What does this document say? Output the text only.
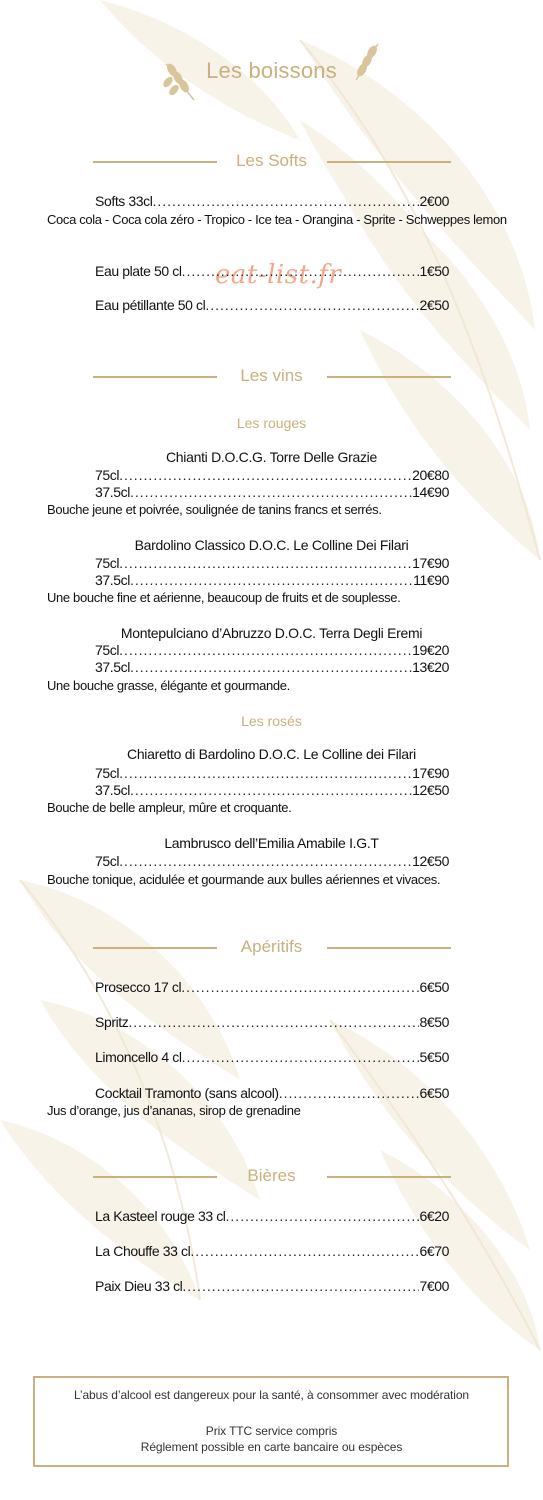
Les boissons
eat-list.fr
Les Softs
Softs 33cl .....	2€00
Coca cola - Coca cola zéro - Tropico - Ice tea - Orangina - Sprite - Schweppes lemon
Eau plate 50 cl .....	1€50
Eau pétillante 50 cl .....	2€50
Les vins
Les rouges
Chianti D.O.C.G. Torre Delle Grazie
75cl .....	20€80
37.5cl .....	14€90
Bouche jeune et poivrée, soulignée de tanins francs et serrés.
Bardolino Classico D.O.C. Le Colline Dei Filari
75cl .....	17€90
37.5cl .....	11€90
Une bouche fine et aérienne, beaucoup de fruits et de souplesse.
Montepulciano d’Abruzzo D.O.C. Terra Degli Eremi
75cl .....	19€20
37.5cl .....	13€20
Une bouche grasse, élégante et gourmande.
Les rosés
Chiaretto di Bardolino D.O.C. Le Colline dei Filari
75cl .....	17€90
37.5cl .....	12€50
Bouche de belle ampleur, mûre et croquante.
Lambrusco dell’Emilia Amabile I.G.T
75cl .....	12€50
Bouche tonique, acidulée et gourmande aux bulles aériennes et vivaces.
Apéritifs
Prosecco 17 cl .....	6€50
Spritz .....	8€50
Limoncello 4 cl .....	5€50
Cocktail Tramonto (sans alcool) .....	6€50
Jus d’orange, jus d’ananas, sirop de grenadine
Bières
La Kasteel rouge 33 cl .....	6€20
La Chouffe 33 cl .....	6€70
Paix Dieu 33 cl .....	7€00
L’abus d’alcool est dangereux pour la santé, à consommer avec modération
Prix TTC service compris
Réglement possible en carte bancaire ou espèces
